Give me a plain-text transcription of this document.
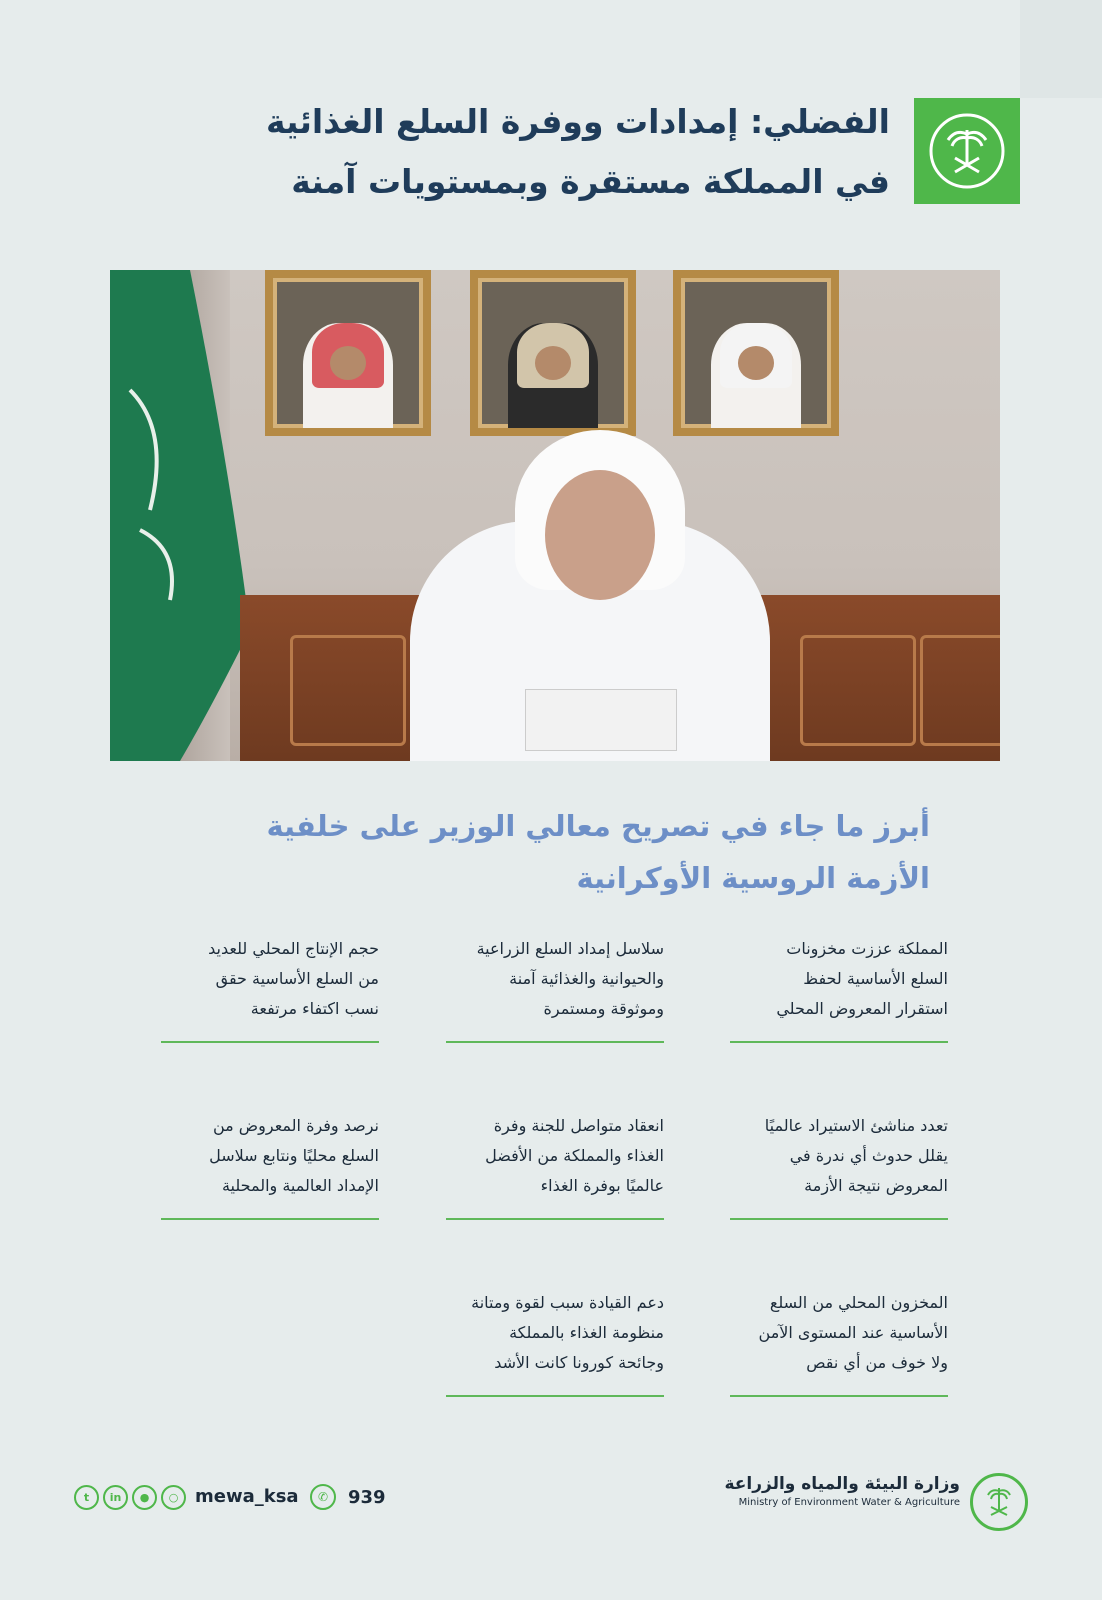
الفضلي: إمدادات ووفرة السلع الغذائية
في المملكة مستقرة وبمستويات آمنة
أبرز ما جاء في تصريح معالي الوزير على خلفية
الأزمة الروسية الأوكرانية
المملكة عززت مخزونات
السلع الأساسية لحفظ
استقرار المعروض المحلي
سلاسل إمداد السلع الزراعية
والحيوانية والغذائية آمنة
وموثوقة ومستمرة
حجم الإنتاج المحلي للعديد
من السلع الأساسية حقق
نسب اكتفاء مرتفعة
تعدد مناشئ الاستيراد عالميًا
يقلل حدوث أي ندرة في
المعروض نتيجة الأزمة
انعقاد متواصل للجنة وفرة
الغذاء والمملكة من الأفضل
عالميًا بوفرة الغذاء
نرصد وفرة المعروض من
السلع محليًا ونتابع سلاسل
الإمداد العالمية والمحلية
المخزون المحلي من السلع
الأساسية عند المستوى الآمن
ولا خوف من أي نقص
دعم القيادة سبب لقوة ومتانة
منظومة الغذاء بالمملكة
وجائحة كورونا كانت الأشد
وزارة البيئة والمياه والزراعة
Ministry of Environment Water & Agriculture
t	in	●	○ mewa_ksa	✆	939
